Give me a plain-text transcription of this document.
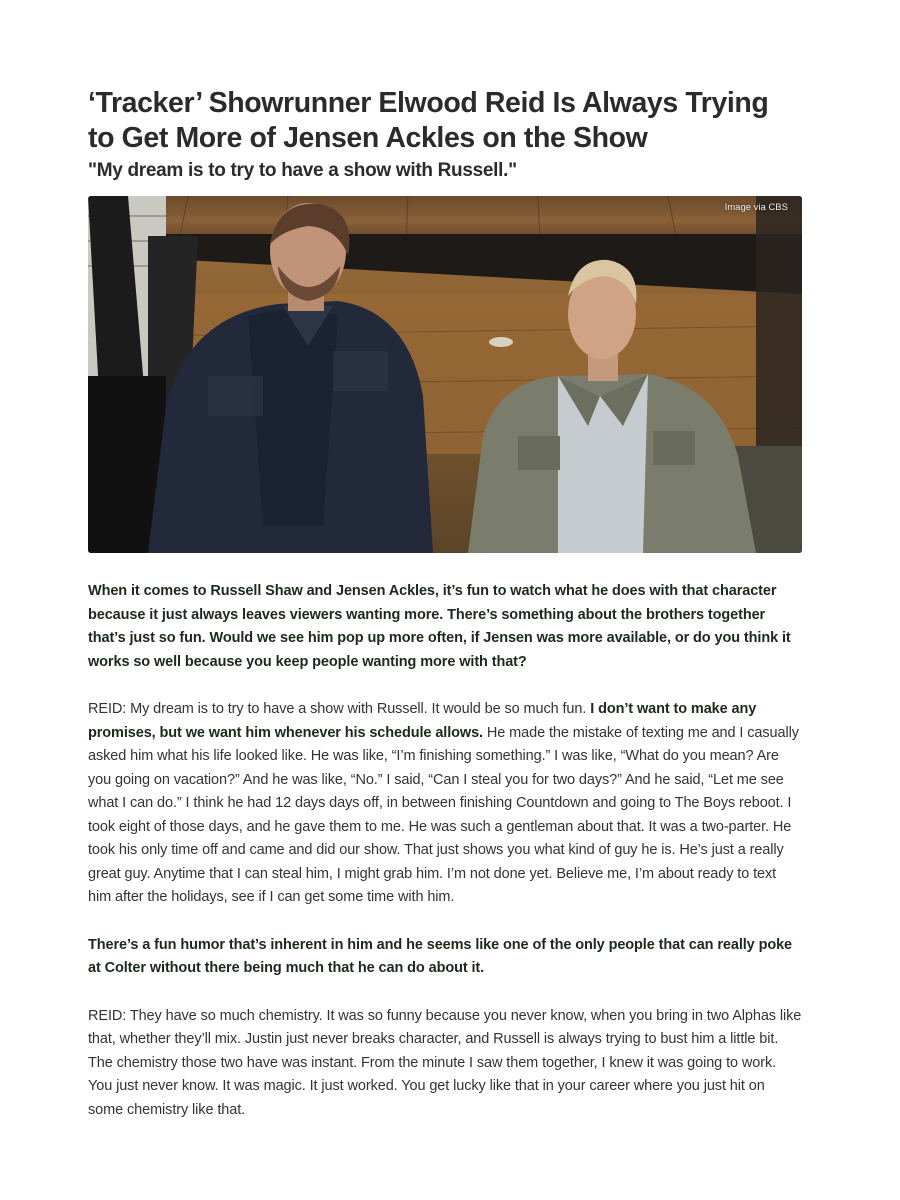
‘Tracker’ Showrunner Elwood Reid Is Always Trying to Get More of Jensen Ackles on the Show
"My dream is to try to have a show with Russell."
Image via CBS

When it comes to Russell Shaw and Jensen Ackles, it’s fun to watch what he does with that character because it just always leaves viewers wanting more. There’s something about the brothers together that’s just so fun. Would we see him pop up more often, if Jensen was more available, or do you think it works so well because you keep people wanting more with that?

REID: My dream is to try to have a show with Russell. It would be so much fun. I don’t want to make any promises, but we want him whenever his schedule allows. He made the mistake of texting me and I casually asked him what his life looked like. He was like, “I’m finishing something.” I was like, “What do you mean? Are you going on vacation?” And he was like, “No.” I said, “Can I steal you for two days?” And he said, “Let me see what I can do.” I think he had 12 days days off, in between finishing Countdown and going to The Boys reboot. I took eight of those days, and he gave them to me. He was such a gentleman about that. It was a two-parter. He took his only time off and came and did our show. That just shows you what kind of guy he is. He’s just a really great guy. Anytime that I can steal him, I might grab him. I’m not done yet. Believe me, I’m about ready to text him after the holidays, see if I can get some time with him.

There’s a fun humor that’s inherent in him and he seems like one of the only people that can really poke at Colter without there being much that he can do about it.

REID: They have so much chemistry. It was so funny because you never know, when you bring in two Alphas like that, whether they’ll mix. Justin just never breaks character, and Russell is always trying to bust him a little bit. The chemistry those two have was instant. From the minute I saw them together, I knew it was going to work. You just never know. It was magic. It just worked. You get lucky like that in your career where you just hit on some chemistry like that.
